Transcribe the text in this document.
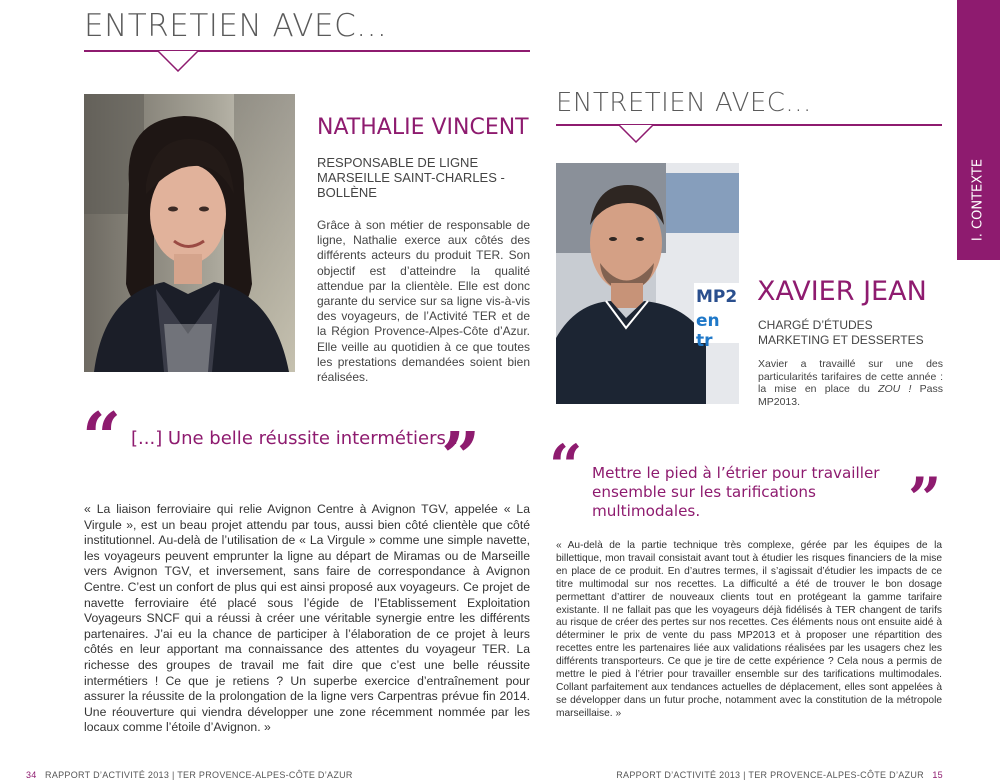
I. CONTEXTE
ENTRETIEN AVEC...
NATHALIE VINCENT
RESPONSABLE DE LIGNE MARSEILLE SAINT-CHARLES - BOLLÈNE
Grâce à son métier de responsable de ligne, Nathalie exerce aux côtés des différents acteurs du produit TER. Son objectif est d’atteindre la qualité attendue par la clientèle. Elle est donc garante du service sur sa ligne vis-à-vis des voyageurs, de l’Activité TER et de la Région Provence-Alpes-Côte d’Azur. Elle veille au quotidien à ce que toutes les prestations demandées soient bien réalisées.
“ [...] Une belle réussite intermétiers !
”
« La liaison ferroviaire qui relie Avignon Centre à Avignon TGV, appelée « La Virgule », est un beau projet attendu par tous, aussi bien côté clientèle que côté institutionnel. Au-delà de l’utilisation de « La Virgule » comme une simple navette, les voyageurs peuvent emprunter la ligne au départ de Miramas ou de Marseille vers Avignon TGV, et inversement, sans faire de correspondance à Avignon Centre. C’est un confort de plus qui est ainsi proposé aux voyageurs. Ce projet de navette ferroviaire été placé sous l’égide de l’Etablissement Exploitation Voyageurs SNCF qui a réussi à créer une véritable synergie entre les différents partenaires. J’ai eu la chance de participer à l’élaboration de ce projet à leurs côtés en leur apportant ma connaissance des attentes du voyageur TER. La richesse des groupes de travail me fait dire que c’est une belle réussite intermétiers ! Ce que je retiens ? Un superbe exercice d’entraînement pour assurer la réussite de la prolongation de la ligne vers Carpentras prévue fin 2014. Une réouverture qui viendra développer une zone récemment nommée par les locaux comme l’étoile d’Avignon. »
ENTRETIEN AVEC...
MP2
en tr
XAVIER JEAN
CHARGÉ D’ÉTUDES
MARKETING ET DESSERTES
Xavier a travaillé sur une des particularités tarifaires de cette année : la mise en place du ZOU ! Pass MP2013.
“ Mettre le pied à l’étrier pour travailler ensemble sur les tarifications multimodales.	”
« Au-delà de la partie technique très complexe, gérée par les équipes de la billettique, mon travail consistait avant tout à étudier les risques financiers de la mise en place de ce produit. En d’autres termes, il s’agissait d’étudier les impacts de ce titre multimodal sur nos recettes. La difficulté a été de trouver le bon dosage permettant d’attirer de nouveaux clients tout en protégeant la gamme tarifaire existante. Il ne fallait pas que les voyageurs déjà fidélisés à TER changent de tarifs au risque de créer des pertes sur nos recettes. Ces éléments nous ont ensuite aidé à déterminer le prix de vente du pass MP2013 et à proposer une répartition des recettes entre les partenaires liée aux validations réalisées par les usagers chez les différents transporteurs. Ce que je tire de cette expérience ? Cela nous a permis de mettre le pied à l’étrier pour travailler ensemble sur des tarifications multimodales. Collant parfaitement aux tendances actuelles de déplacement, elles sont appelées à se développer dans un futur proche, notamment avec la constitution de la métropole marseillaise. »
34 RAPPORT D’ACTIVITÉ 2013 | TER PROVENCE-ALPES-CÔTE D’AZUR	RAPPORT D’ACTIVITÉ 2013 | TER PROVENCE-ALPES-CÔTE D’AZUR 15
